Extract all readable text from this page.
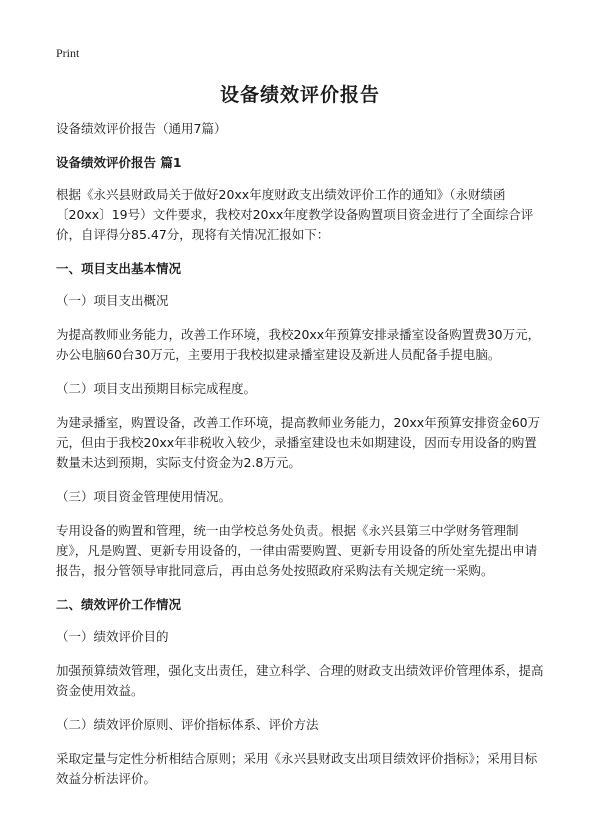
Print
设备绩效评价报告

设备绩效评价报告（通用7篇）

设备绩效评价报告 篇1

根据《永兴县财政局关于做好20xx年度财政支出绩效评价工作的通知》（永财绩函〔20xx〕19号）文件要求，我校对20xx年度教学设备购置项目资金进行了全面综合评价，自评得分85.47分，现将有关情况汇报如下：

一、项目支出基本情况

（一）项目支出概况

为提高教师业务能力，改善工作环境，我校20xx年预算安排录播室设备购置费30万元，办公电脑60台30万元，主要用于我校拟建录播室建设及新进人员配备手提电脑。

（二）项目支出预期目标完成程度。

为建录播室，购置设备，改善工作环境，提高教师业务能力，20xx年预算安排资金60万元，但由于我校20xx年非税收入较少，录播室建设也未如期建设，因而专用设备的购置数量未达到预期，实际支付资金为2.8万元。

（三）项目资金管理使用情况。

专用设备的购置和管理，统一由学校总务处负责。根据《永兴县第三中学财务管理制度》，凡是购置、更新专用设备的，一律由需要购置、更新专用设备的所处室先提出申请报告，报分管领导审批同意后，再由总务处按照政府采购法有关规定统一采购。

二、绩效评价工作情况

（一）绩效评价目的

加强预算绩效管理，强化支出责任，建立科学、合理的财政支出绩效评价管理体系，提高资金使用效益。

（二）绩效评价原则、评价指标体系、评价方法

采取定量与定性分析相结合原则；采用《永兴县财政支出项目绩效评价指标》；采用目标效益分析法评价。
